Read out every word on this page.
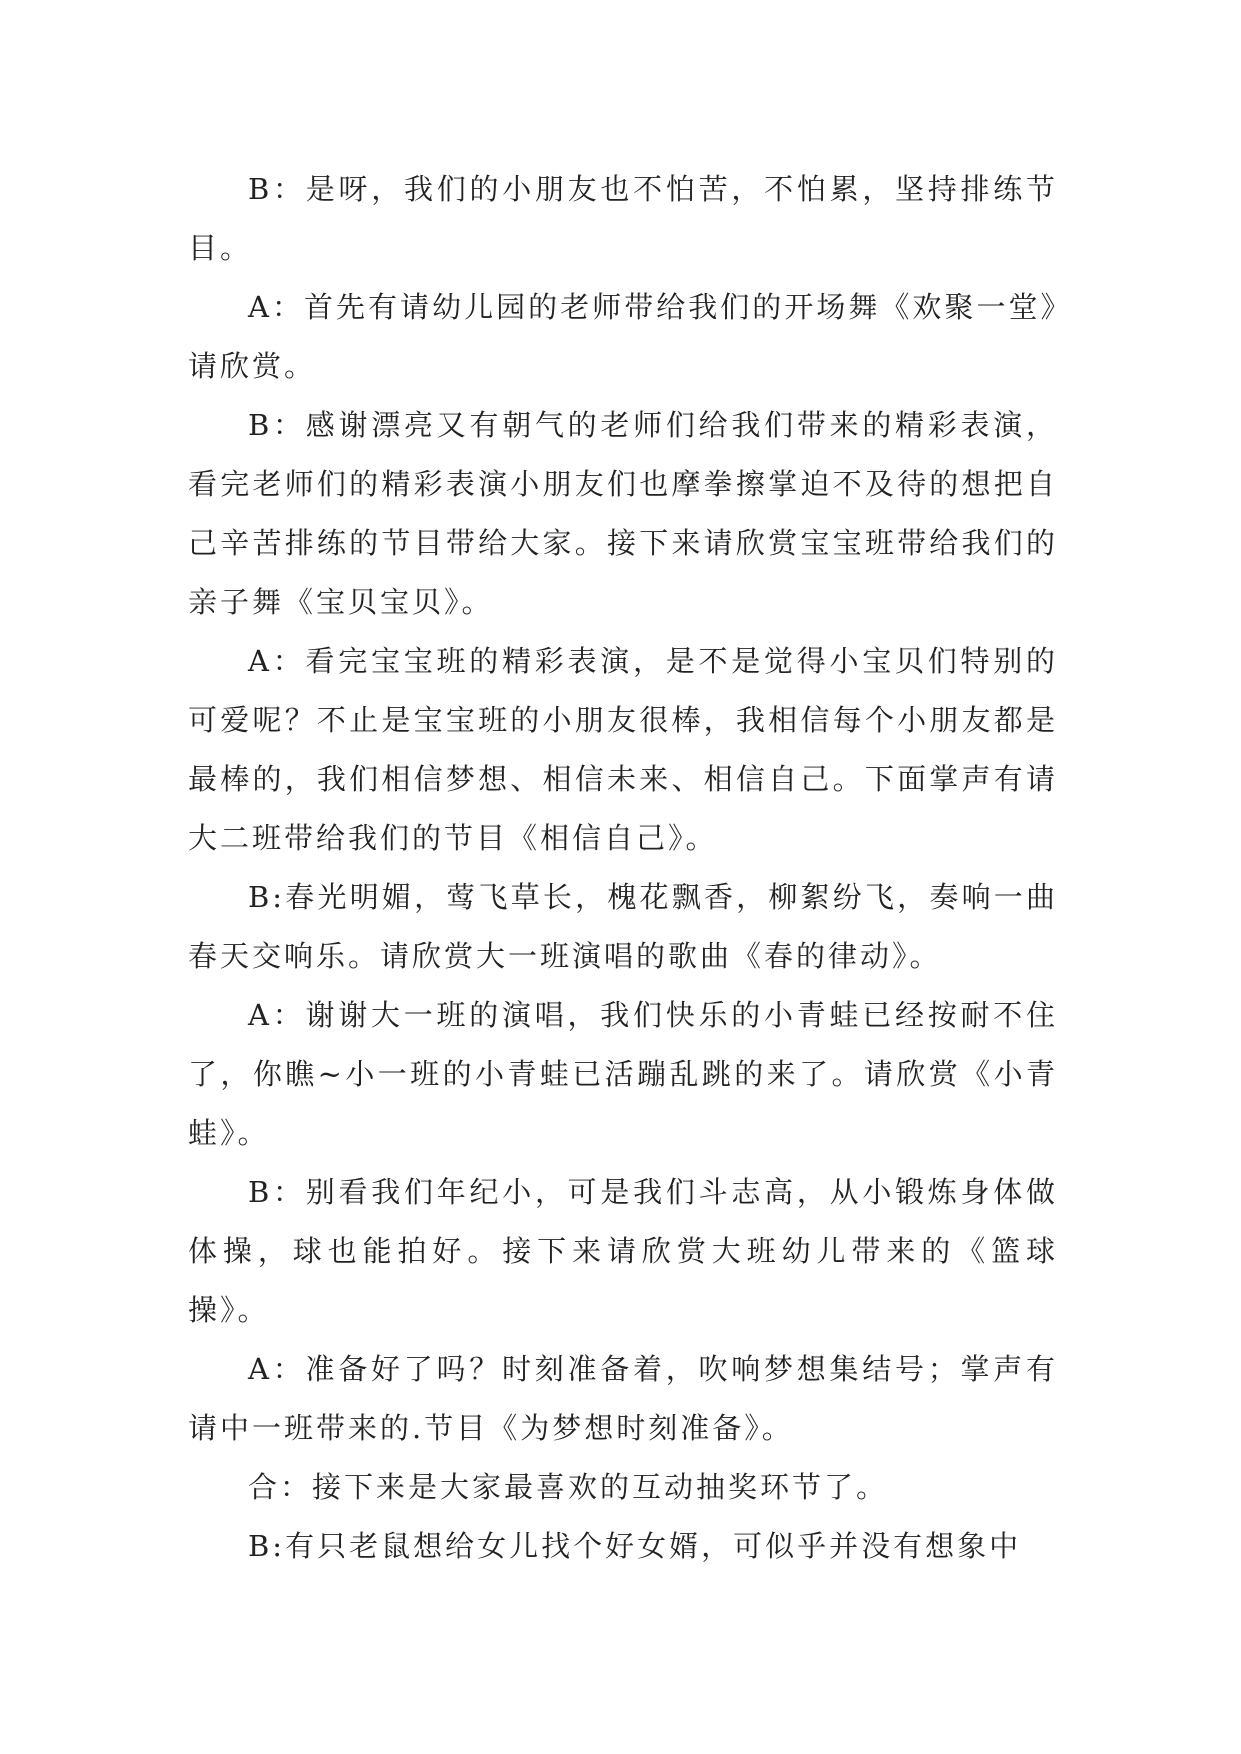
B：是呀，我们的小朋友也不怕苦，不怕累，坚持排练节目。

A：首先有请幼儿园的老师带给我们的开场舞《欢聚一堂》请欣赏。

B：感谢漂亮又有朝气的老师们给我们带来的精彩表演，看完老师们的精彩表演小朋友们也摩拳擦掌迫不及待的想把自己辛苦排练的节目带给大家。接下来请欣赏宝宝班带给我们的亲子舞《宝贝宝贝》。

A：看完宝宝班的精彩表演，是不是觉得小宝贝们特别的可爱呢？不止是宝宝班的小朋友很棒，我相信每个小朋友都是最棒的，我们相信梦想、相信未来、相信自己。下面掌声有请大二班带给我们的节目《相信自己》。

B:春光明媚，莺飞草长，槐花飘香，柳絮纷飞，奏响一曲春天交响乐。请欣赏大一班演唱的歌曲《春的律动》。

A：谢谢大一班的演唱，我们快乐的小青蛙已经按耐不住了，你瞧~小一班的小青蛙已活蹦乱跳的来了。请欣赏《小青蛙》。

B：别看我们年纪小，可是我们斗志高，从小锻炼身体做体操，球也能拍好。接下来请欣赏大班幼儿带来的《篮球操》。

A：准备好了吗？时刻准备着，吹响梦想集结号；掌声有请中一班带来的.节目《为梦想时刻准备》。

合：接下来是大家最喜欢的互动抽奖环节了。

B:有只老鼠想给女儿找个好女婿，可似乎并没有想象中
